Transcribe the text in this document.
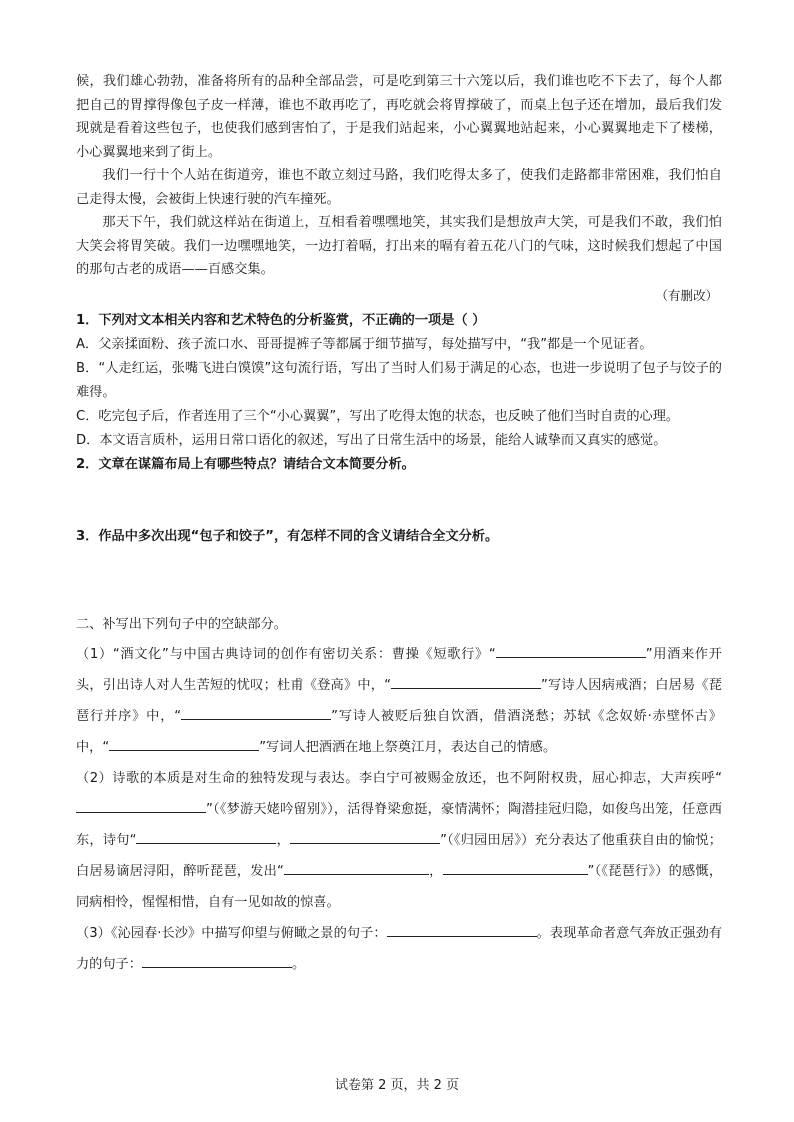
候，我们雄心勃勃，准备将所有的品种全部品尝，可是吃到第三十六笼以后，我们谁也吃不下去了，每个人都把自己的胃撑得像包子皮一样薄，谁也不敢再吃了，再吃就会将胃撑破了，而桌上包子还在增加，最后我们发现就是看着这些包子，也使我们感到害怕了，于是我们站起来，小心翼翼地站起来，小心翼翼地走下了楼梯，小心翼翼地来到了街上。

我们一行十个人站在街道旁，谁也不敢立刻过马路，我们吃得太多了，使我们走路都非常困难，我们怕自己走得太慢，会被街上快速行驶的汽车撞死。

那天下午，我们就这样站在街道上，互相看着嘿嘿地笑，其实我们是想放声大笑，可是我们不敢，我们怕大笑会将胃笑破。我们一边嘿嘿地笑，一边打着嗝，打出来的嗝有着五花八门的气味，这时候我们想起了中国的那句古老的成语——百感交集。

（有删改）

1．下列对文本相关内容和艺术特色的分析鉴赏，不正确的一项是（ ）

A．父亲揉面粉、孩子流口水、哥哥提裤子等都属于细节描写，每处描写中，“我”都是一个见证者。

B．“人走红运，张嘴飞进白馍馍”这句流行语，写出了当时人们易于满足的心态，也进一步说明了包子与饺子的难得。

C．吃完包子后，作者连用了三个“小心翼翼”，写出了吃得太饱的状态，也反映了他们当时自责的心理。

D．本文语言质朴，运用日常口语化的叙述，写出了日常生活中的场景，能给人诚挚而又真实的感觉。

2．文章在谋篇布局上有哪些特点？请结合文本简要分析。

3．作品中多次出现“包子和饺子”，有怎样不同的含义请结合全文分析。

二、补写出下列句子中的空缺部分。

（1）“酒文化”与中国古典诗词的创作有密切关系：曹操《短歌行》“	”用酒来作开头，引出诗人对人生苦短的忧叹；杜甫《登高》中，“	”写诗人因病戒酒；白居易《琵琶行并序》中，“	”写诗人被贬后独自饮酒，借酒浇愁；苏轼《念奴娇·赤壁怀古》中，“	”写词人把酒洒在地上祭奠江月，表达自己的情感。

（2）诗歌的本质是对生命的独特发现与表达。李白宁可被赐金放还，也不阿附权贵，屈心抑志，大声疾呼“”（《梦游天姥吟留别》），活得脊梁愈挺，豪情满怀；陶潜挂冠归隐，如俊鸟出笼，任意西东，诗句“	，	”（《归园田居》）充分表达了他重获自由的愉悦；白居易谪居浔阳，醉听琵琶，发出“	，	”（《琵琶行》）的感慨，同病相怜，惺惺相惜，自有一见如故的惊喜。

（3）《沁园春·长沙》中描写仰望与俯瞰之景的句子：	。表现革命者意气奔放正强劲有力的句子：	。

试卷第 2 页，共 2 页
